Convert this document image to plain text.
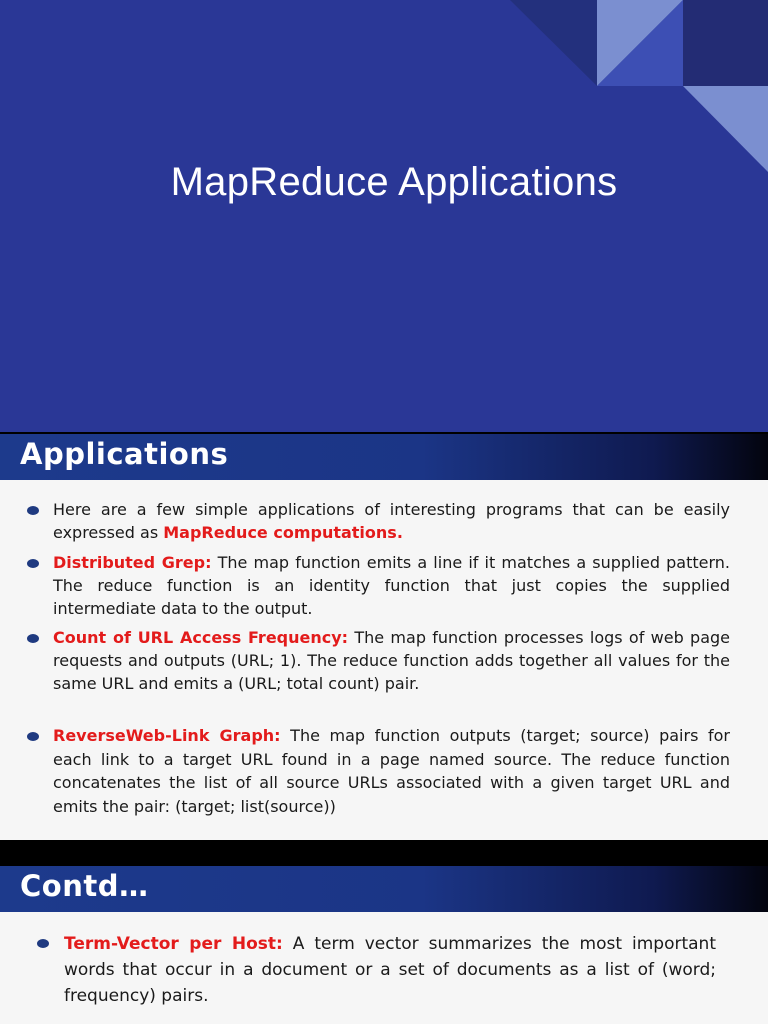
MapReduce Applications
Applications
Here are a few simple applications of interesting programs that can be easily expressed as MapReduce computations.
Distributed Grep: The map function emits a line if it matches a supplied pattern. The reduce function is an identity function that just copies the supplied intermediate data to the output.
Count of URL Access Frequency: The map function processes logs of web page requests and outputs (URL; 1). The reduce function adds together all values for the same URL and emits a (URL; total count) pair.
ReverseWeb-Link Graph: The map function outputs (target; source) pairs for each link to a target URL found in a page named source. The reduce function concatenates the list of all source URLs associated with a given target URL and emits the pair: (target; list(source))
Contd…
Term-Vector per Host: A term vector summarizes the most important words that occur in a document or a set of documents as a list of (word; frequency) pairs.
